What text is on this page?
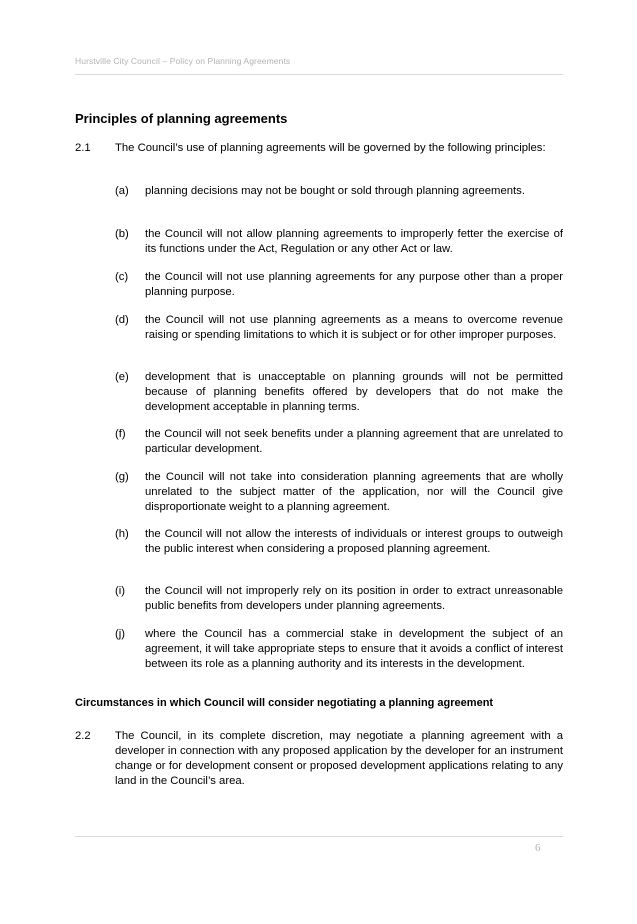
Hurstville City Council – Policy on Planning Agreements
Principles of planning agreements
2.1 The Council’s use of planning agreements will be governed by the following principles:
(a) planning decisions may not be bought or sold through planning agreements.
(b) the Council will not allow planning agreements to improperly fetter the exercise of its functions under the Act, Regulation or any other Act or law.
(c) the Council will not use planning agreements for any purpose other than a proper planning purpose.
(d) the Council will not use planning agreements as a means to overcome revenue raising or spending limitations to which it is subject or for other improper purposes.
(e) development that is unacceptable on planning grounds will not be permitted because of planning benefits offered by developers that do not make the development acceptable in planning terms.
(f) the Council will not seek benefits under a planning agreement that are unrelated to particular development.
(g) the Council will not take into consideration planning agreements that are wholly unrelated to the subject matter of the application, nor will the Council give disproportionate weight to a planning agreement.
(h) the Council will not allow the interests of individuals or interest groups to outweigh the public interest when considering a proposed planning agreement.
(i) the Council will not improperly rely on its position in order to extract unreasonable public benefits from developers under planning agreements.
(j) where the Council has a commercial stake in development the subject of an agreement, it will take appropriate steps to ensure that it avoids a conflict of interest between its role as a planning authority and its interests in the development.
Circumstances in which Council will consider negotiating a planning agreement
2.2 The Council, in its complete discretion, may negotiate a planning agreement with a developer in connection with any proposed application by the developer for an instrument change or for development consent or proposed development applications relating to any land in the Council’s area.
6
